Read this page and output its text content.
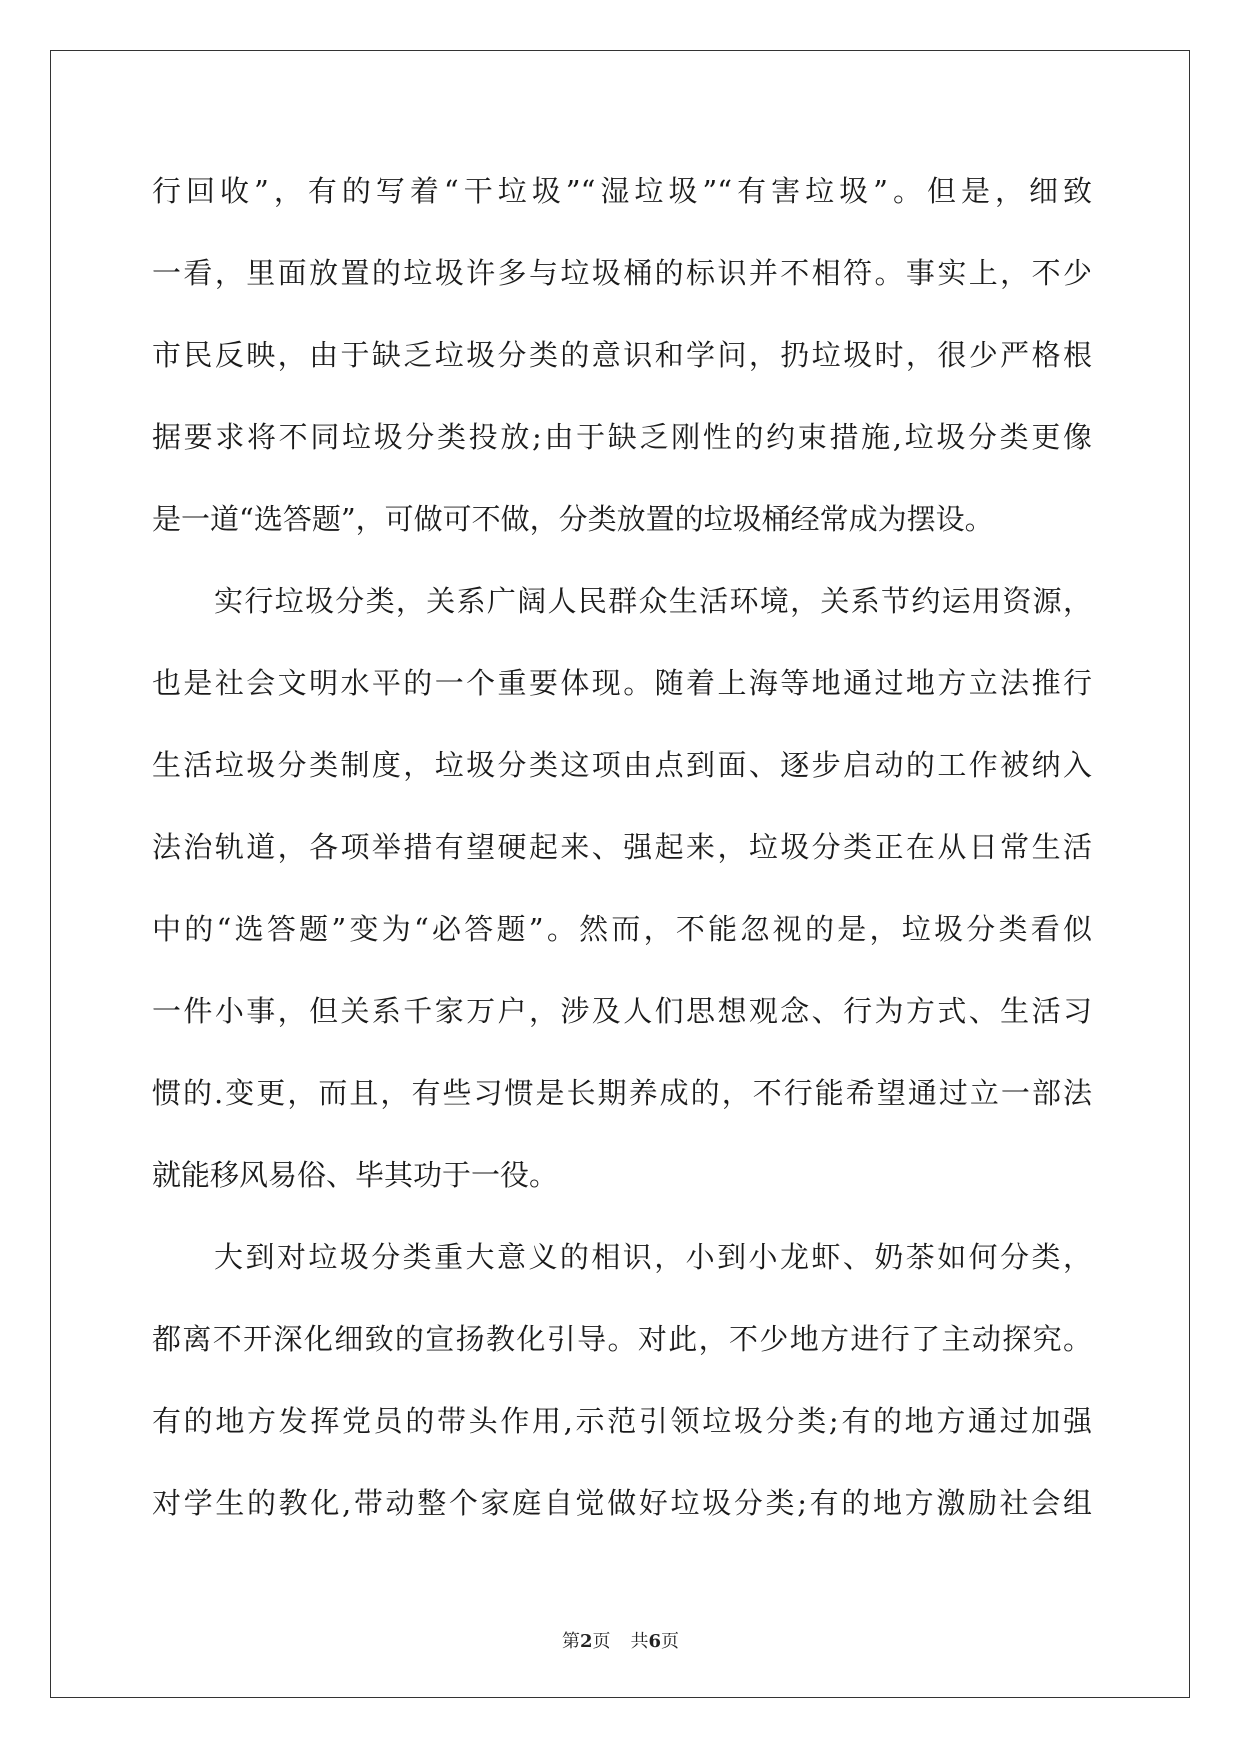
行回收”，有的写着“干垃圾”“湿垃圾”“有害垃圾”。但是，细致
一看，里面放置的垃圾许多与垃圾桶的标识并不相符。事实上，不少
市民反映，由于缺乏垃圾分类的意识和学问，扔垃圾时，很少严格根
据要求将不同垃圾分类投放;由于缺乏刚性的约束措施,垃圾分类更像
是一道“选答题”，可做可不做，分类放置的垃圾桶经常成为摆设。
实行垃圾分类，关系广阔人民群众生活环境，关系节约运用资源，
也是社会文明水平的一个重要体现。随着上海等地通过地方立法推行
生活垃圾分类制度，垃圾分类这项由点到面、逐步启动的工作被纳入
法治轨道，各项举措有望硬起来、强起来，垃圾分类正在从日常生活
中的“选答题”变为“必答题”。然而，不能忽视的是，垃圾分类看似
一件小事，但关系千家万户，涉及人们思想观念、行为方式、生活习
惯的.变更，而且，有些习惯是长期养成的，不行能希望通过立一部法
就能移风易俗、毕其功于一役。
大到对垃圾分类重大意义的相识，小到小龙虾、奶茶如何分类，
都离不开深化细致的宣扬教化引导。对此，不少地方进行了主动探究。
有的地方发挥党员的带头作用,示范引领垃圾分类;有的地方通过加强
对学生的教化,带动整个家庭自觉做好垃圾分类;有的地方激励社会组
第2页 共6页
